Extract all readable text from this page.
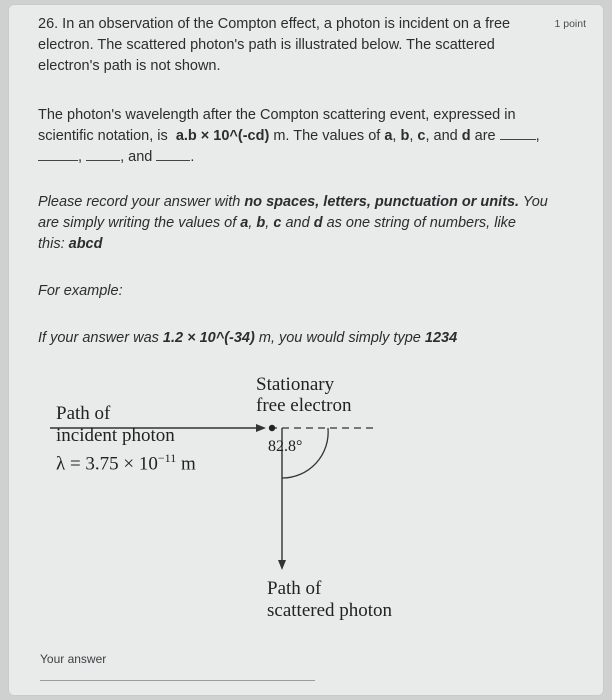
1 point
26. In an observation of the Compton effect, a photon is incident on a free
electron. The scattered photon's path is illustrated below. The scattered
electron's path is not shown.
The photon's wavelength after the Compton scattering event, expressed in
scientific notation, is a.b × 10^(-cd) m. The values of a, b, c, and d are	,
, , and	.
Please record your answer with no spaces, letters, punctuation or units. You
are simply writing the values of a, b, c and d as one string of numbers, like
this: abcd
For example:
If your answer was 1.2 × 10^(-34) m, you would simply type 1234
Stationary
free electron
Path of
incident photon
$\lambda = 3.75 \times 10^{-11}$ m
82.8°
Path of
scattered photon
Your answer
